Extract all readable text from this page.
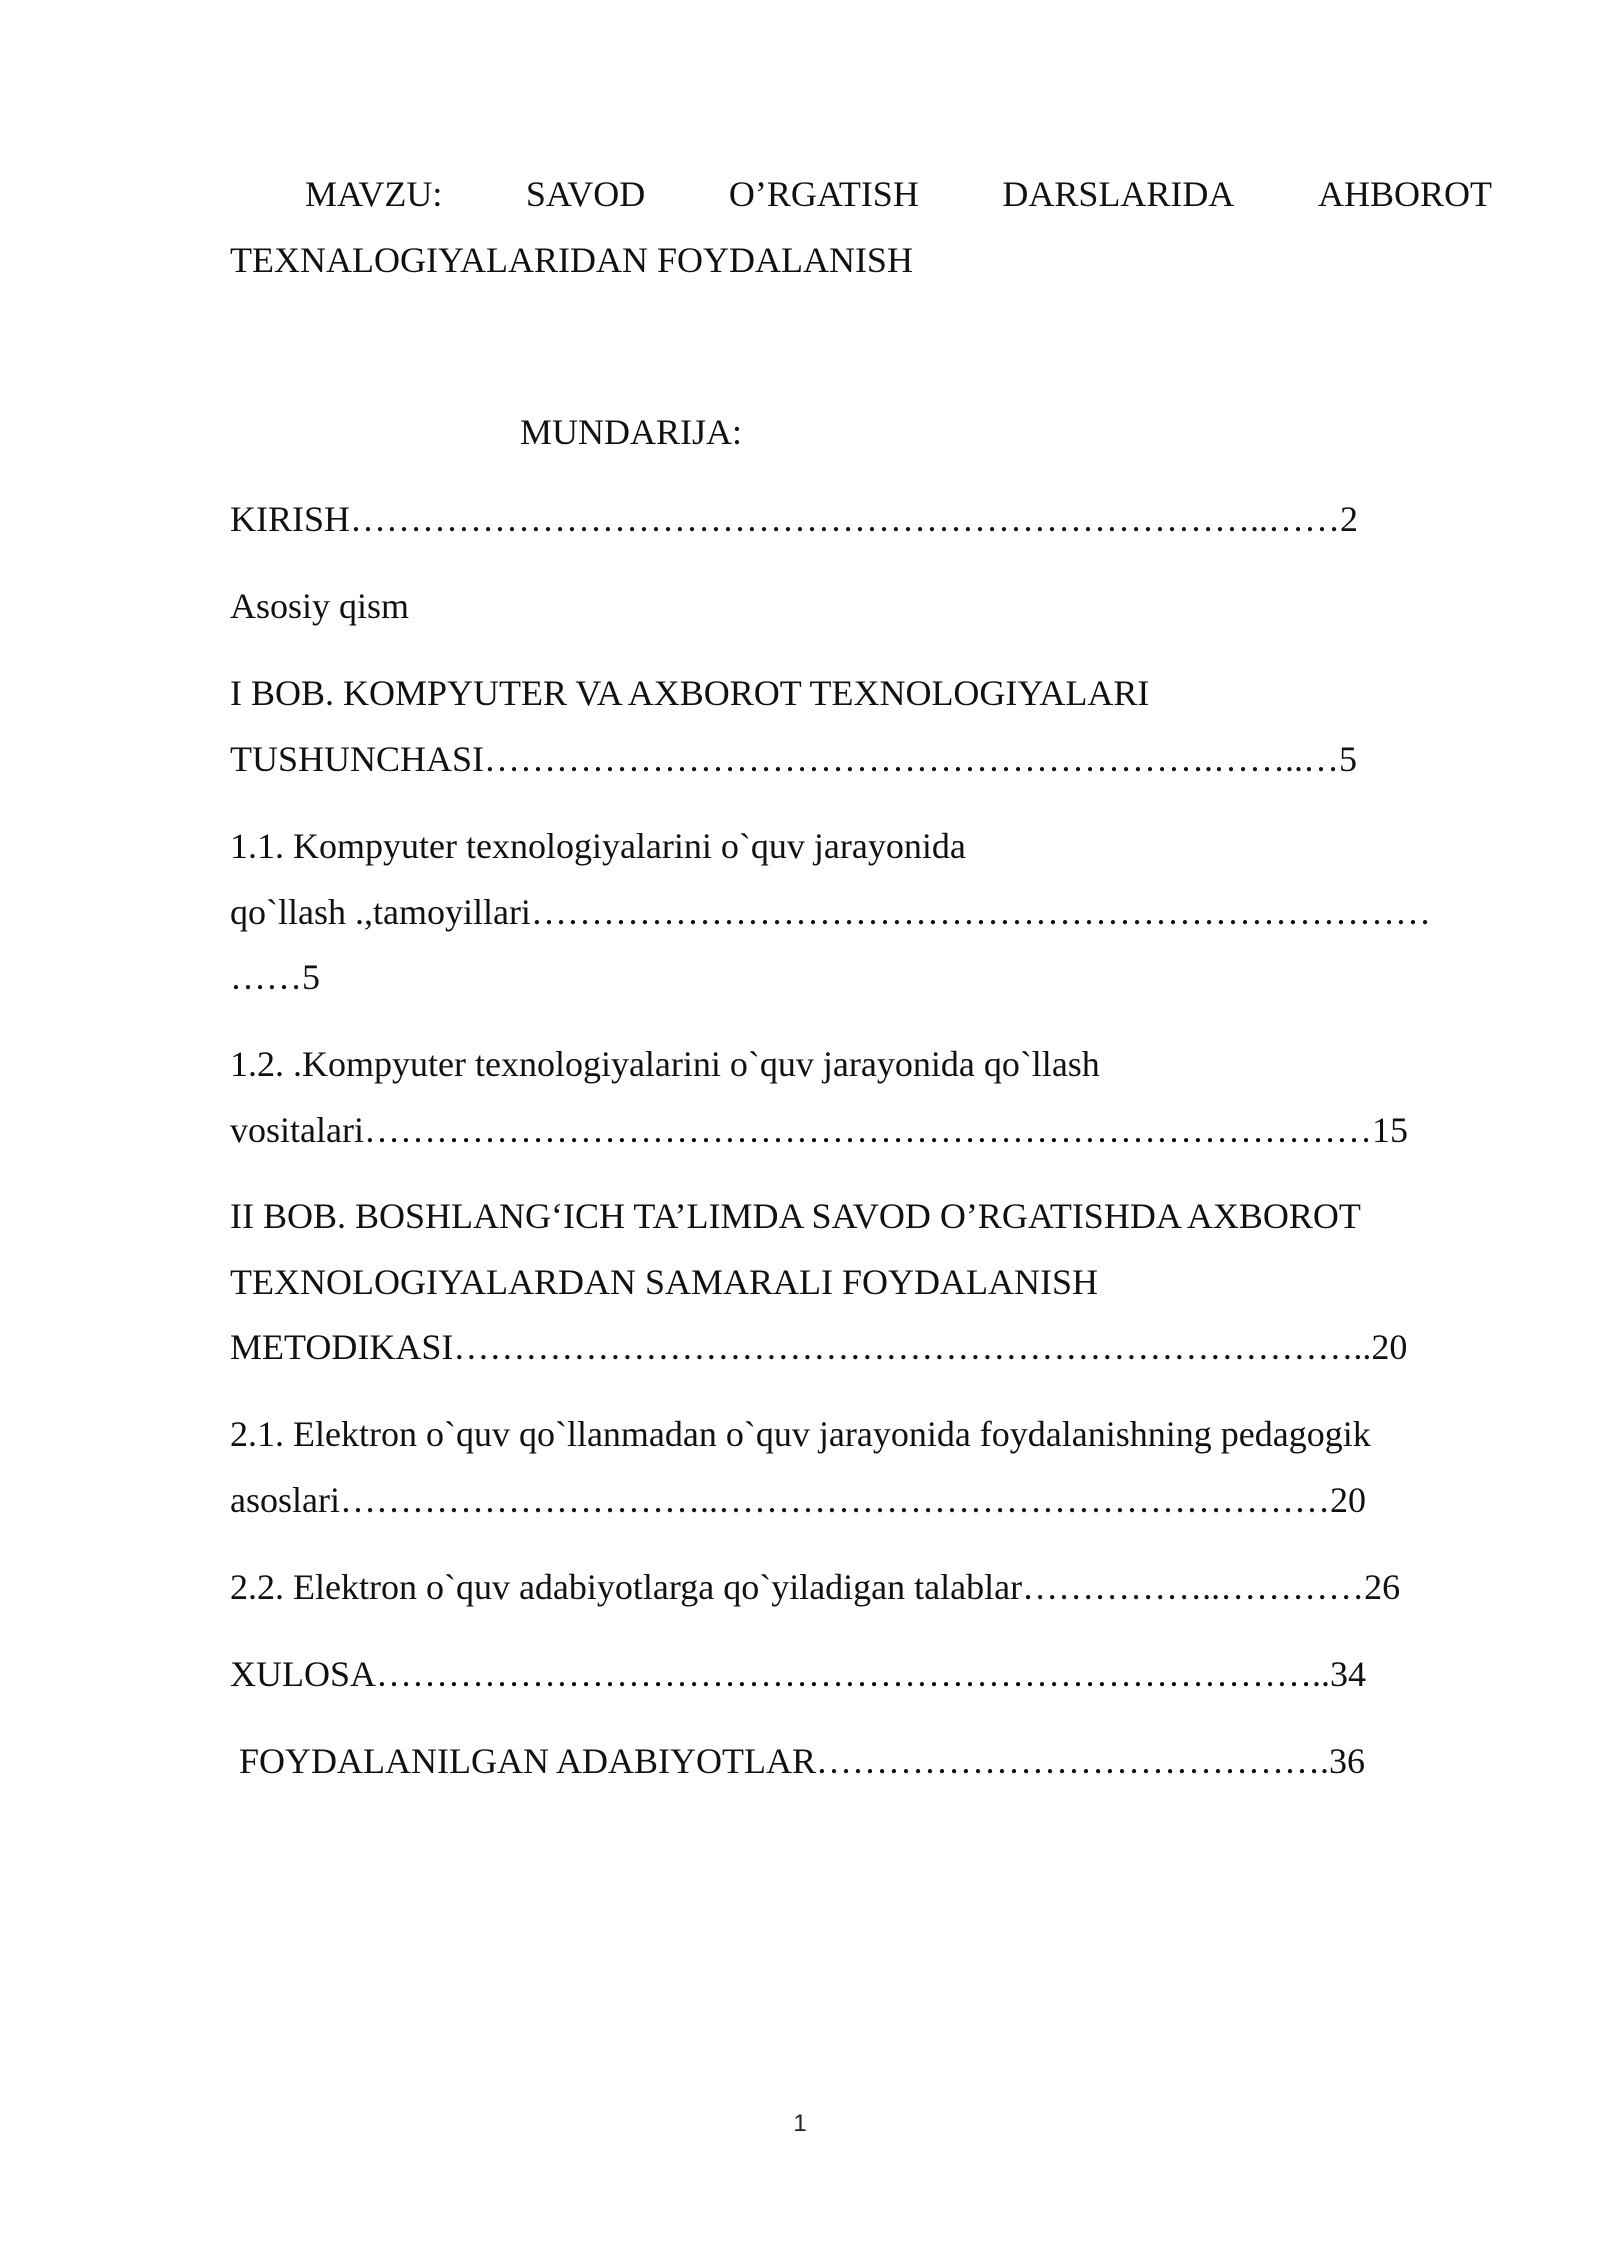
MAVZU: SAVOD O’RGATISH DARSLARIDA AHBOROT

TEXNALOGIYALARIDAN FOYDALANISH

MUNDARIJA:

KIRISH…………………………………………………………………..……2

Asosiy qism

I BOB. KOMPYUTER VA AXBOROT TEXNOLOGIYALARI

TUSHUNCHASI…………………………………………………….……..…5

1.1. Kompyuter texnologiyalarini o`quv jarayonida

qo`llash .,tamoyillari…………………………………………………………………

……5

1.2. .Kompyuter texnologiyalarini o`quv jarayonida qo`llash

vositalari…………………………………………………………………………15

II BOB. BOSHLANG‘ICH TA’LIMDA SAVOD O’RGATISHDA AXBOROT

TEXNOLOGIYALARDAN SAMARALI FOYDALANISH

METODIKASI…………………………………………………………………..20

2.1. Elektron o`quv qo`llanmadan o`quv jarayonida foydalanishning pedagogik

asoslari…………………………..……………………………………………20

2.2. Elektron o`quv adabiyotlarga qo`yiladigan talablar……………..…………26

XULOSA……………………………………………………………………..34

FOYDALANILGAN ADABIYOTLAR…………………………………….36

1
